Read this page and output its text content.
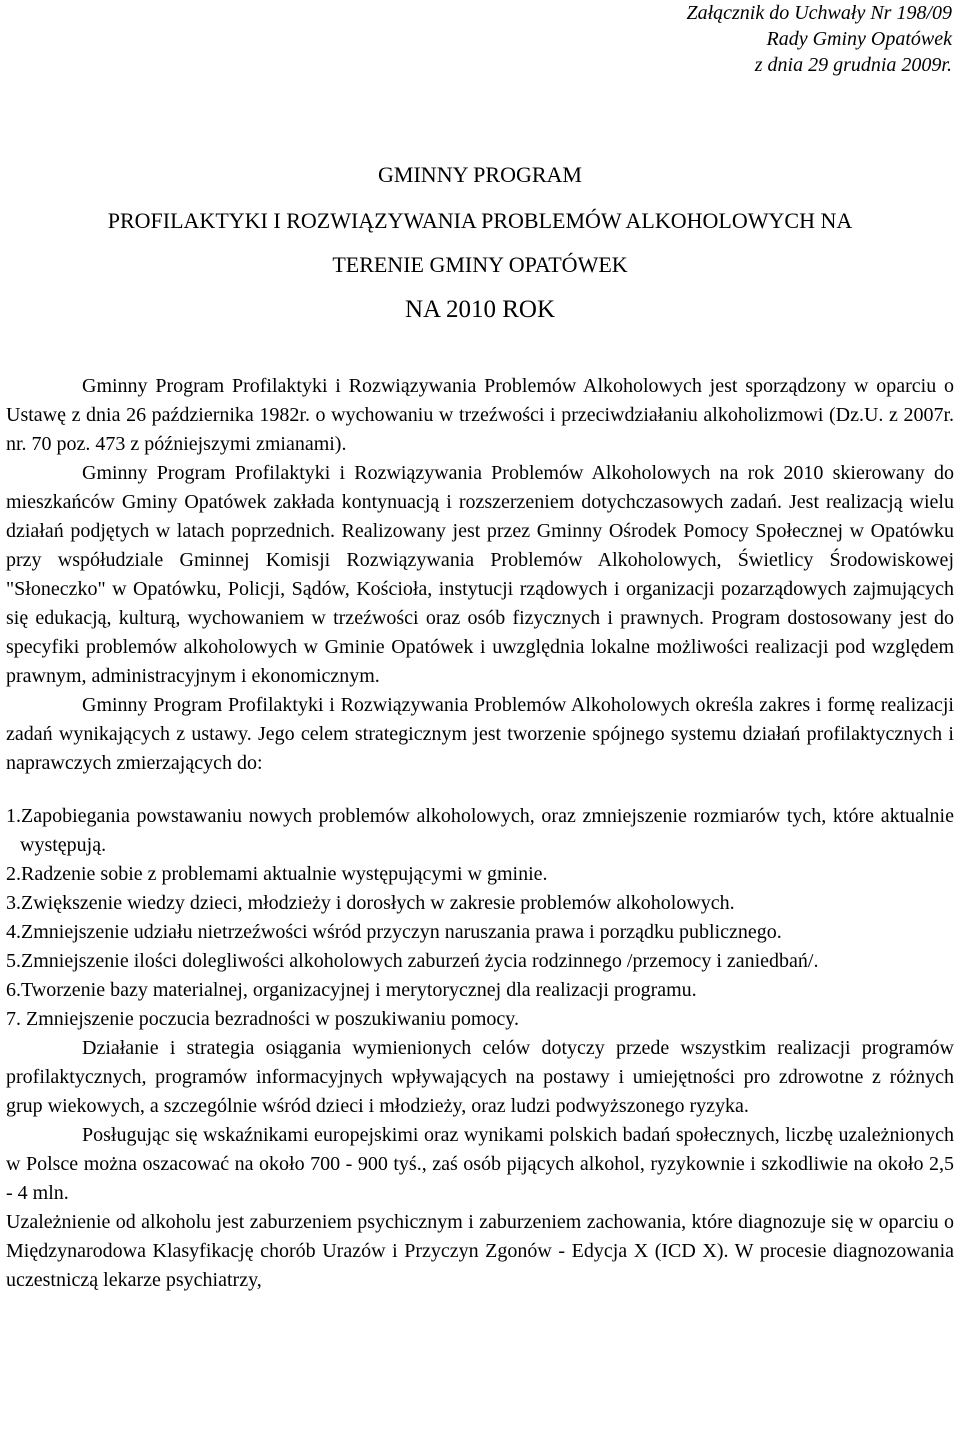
Załącznik do Uchwały Nr 198/09
Rady Gminy Opatówek
z dnia 29 grudnia 2009r.
GMINNY PROGRAM
PROFILAKTYKI I ROZWIĄZYWANIA PROBLEMÓW ALKOHOLOWYCH NA
TERENIE GMINY OPATÓWEK
NA 2010 ROK

Gminny Program Profilaktyki i Rozwiązywania Problemów Alkoholowych jest sporządzony w oparciu o Ustawę z dnia 26 października 1982r. o wychowaniu w trzeźwości i przeciwdziałaniu alkoholizmowi (Dz.U. z 2007r. nr. 70 poz. 473 z późniejszymi zmianami).

Gminny Program Profilaktyki i Rozwiązywania Problemów Alkoholowych na rok 2010 skierowany do mieszkańców Gminy Opatówek zakłada kontynuacją i rozszerzeniem dotychczasowych zadań. Jest realizacją wielu działań podjętych w latach poprzednich. Realizowany jest przez Gminny Ośrodek Pomocy Społecznej w Opatówku przy współudziale Gminnej Komisji Rozwiązywania Problemów Alkoholowych, Świetlicy Środowiskowej "Słoneczko" w Opatówku, Policji, Sądów, Kościoła, instytucji rządowych i organizacji pozarządowych zajmujących się edukacją, kulturą, wychowaniem w trzeźwości oraz osób fizycznych i prawnych. Program dostosowany jest do specyfiki problemów alkoholowych w Gminie Opatówek i uwzględnia lokalne możliwości realizacji pod względem prawnym, administracyjnym i ekonomicznym.

Gminny Program Profilaktyki i Rozwiązywania Problemów Alkoholowych określa zakres i formę realizacji zadań wynikających z ustawy. Jego celem strategicznym jest tworzenie spójnego systemu działań profilaktycznych i naprawczych zmierzających do:

1.Zapobiegania powstawaniu nowych problemów alkoholowych, oraz zmniejszenie rozmiarów tych, które aktualnie występują.
2.Radzenie sobie z problemami aktualnie występującymi w gminie.
3.Zwiększenie wiedzy dzieci, młodzieży i dorosłych w zakresie problemów alkoholowych.
4.Zmniejszenie udziału nietrzeźwości wśród przyczyn naruszania prawa i porządku publicznego.
5.Zmniejszenie ilości dolegliwości alkoholowych zaburzeń życia rodzinnego /przemocy i zaniedbań/.
6.Tworzenie bazy materialnej, organizacyjnej i merytorycznej dla realizacji programu.
7. Zmniejszenie poczucia bezradności w poszukiwaniu pomocy.

Działanie i strategia osiągania wymienionych celów dotyczy przede wszystkim realizacji programów profilaktycznych, programów informacyjnych wpływających na postawy i umiejętności pro zdrowotne z różnych grup wiekowych, a szczególnie wśród dzieci i młodzieży, oraz ludzi podwyższonego ryzyka.

Posługując się wskaźnikami europejskimi oraz wynikami polskich badań społecznych, liczbę uzależnionych w Polsce można oszacować na około 700 - 900 tyś., zaś osób pijących alkohol, ryzykownie i szkodliwie na około 2,5 - 4 mln.

Uzależnienie od alkoholu jest zaburzeniem psychicznym i zaburzeniem zachowania, które diagnozuje się w oparciu o Międzynarodowa Klasyfikację chorób Urazów i Przyczyn Zgonów - Edycja X (ICD X). W procesie diagnozowania uczestniczą lekarze psychiatrzy,
